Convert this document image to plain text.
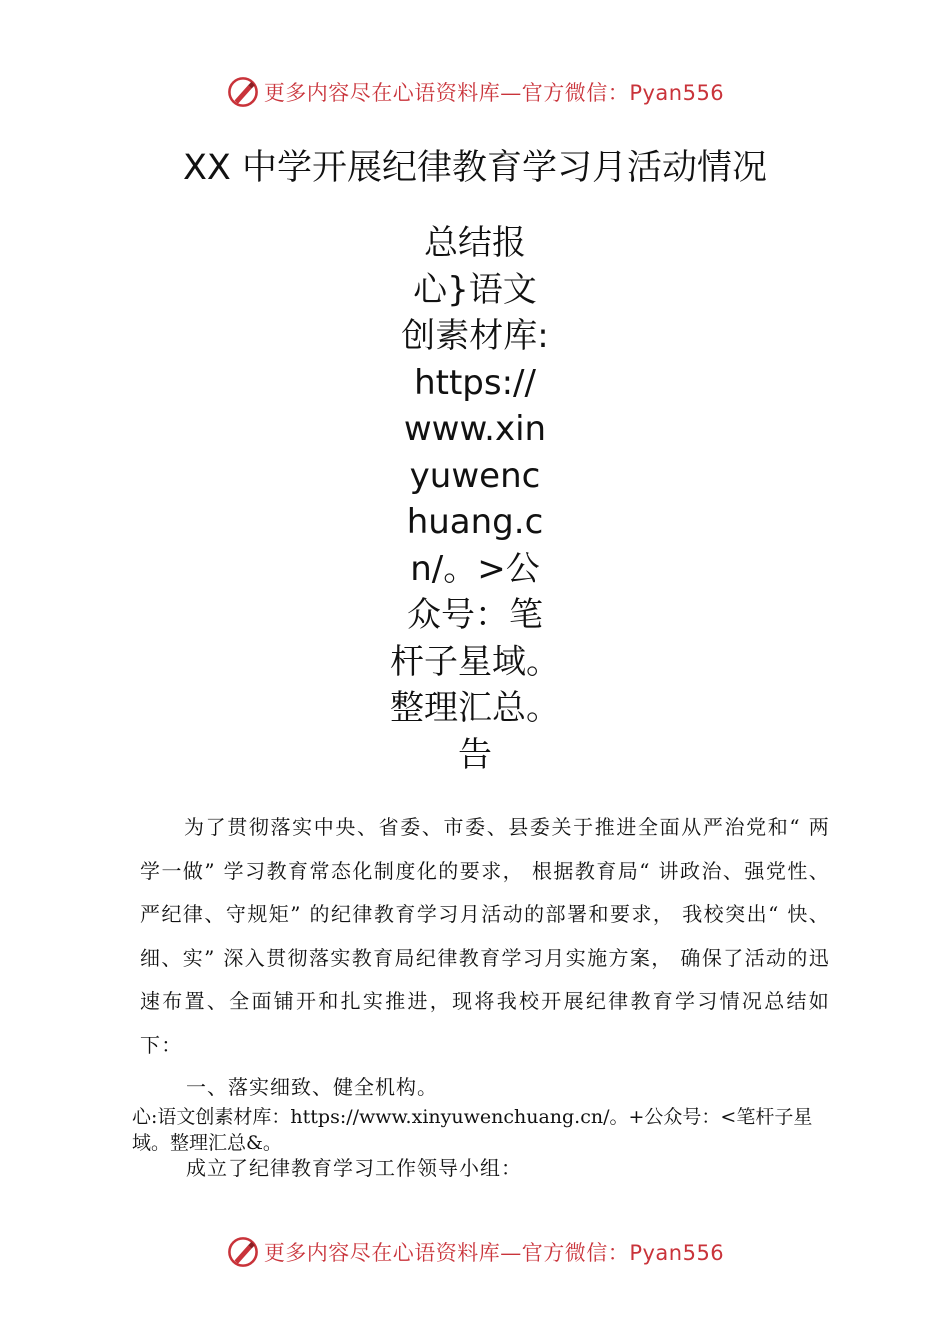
更多内容尽在心语资料库—官方微信：Pyan556
XX 中学开展纪律教育学习月活动情况
总结报
心}语文
创素材库:
https://
www.xin
yuwenc
huang.c
n/。>公
众号：笔
杆子星域。
整理汇总。
告
为了贯彻落实中央、省委、市委、县委关于推进全面从严治党和“ 两学一做” 学习教育常态化制度化的要求， 根据教育局“ 讲政治、强党性、严纪律、守规矩” 的纪律教育学习月活动的部署和要求， 我校突出“ 快、细、实” 深入贯彻落实教育局纪律教育学习月实施方案， 确保了活动的迅速布置、全面铺开和扎实推进，现将我校开展纪律教育学习情况总结如下：
一、落实细致、健全机构。
心:语文创素材库：https://www.xinyuwenchuang.cn/。+公众号：<笔杆子星域。整理汇总&。
成立了纪律教育学习工作领导小组：
更多内容尽在心语资料库—官方微信：Pyan556
